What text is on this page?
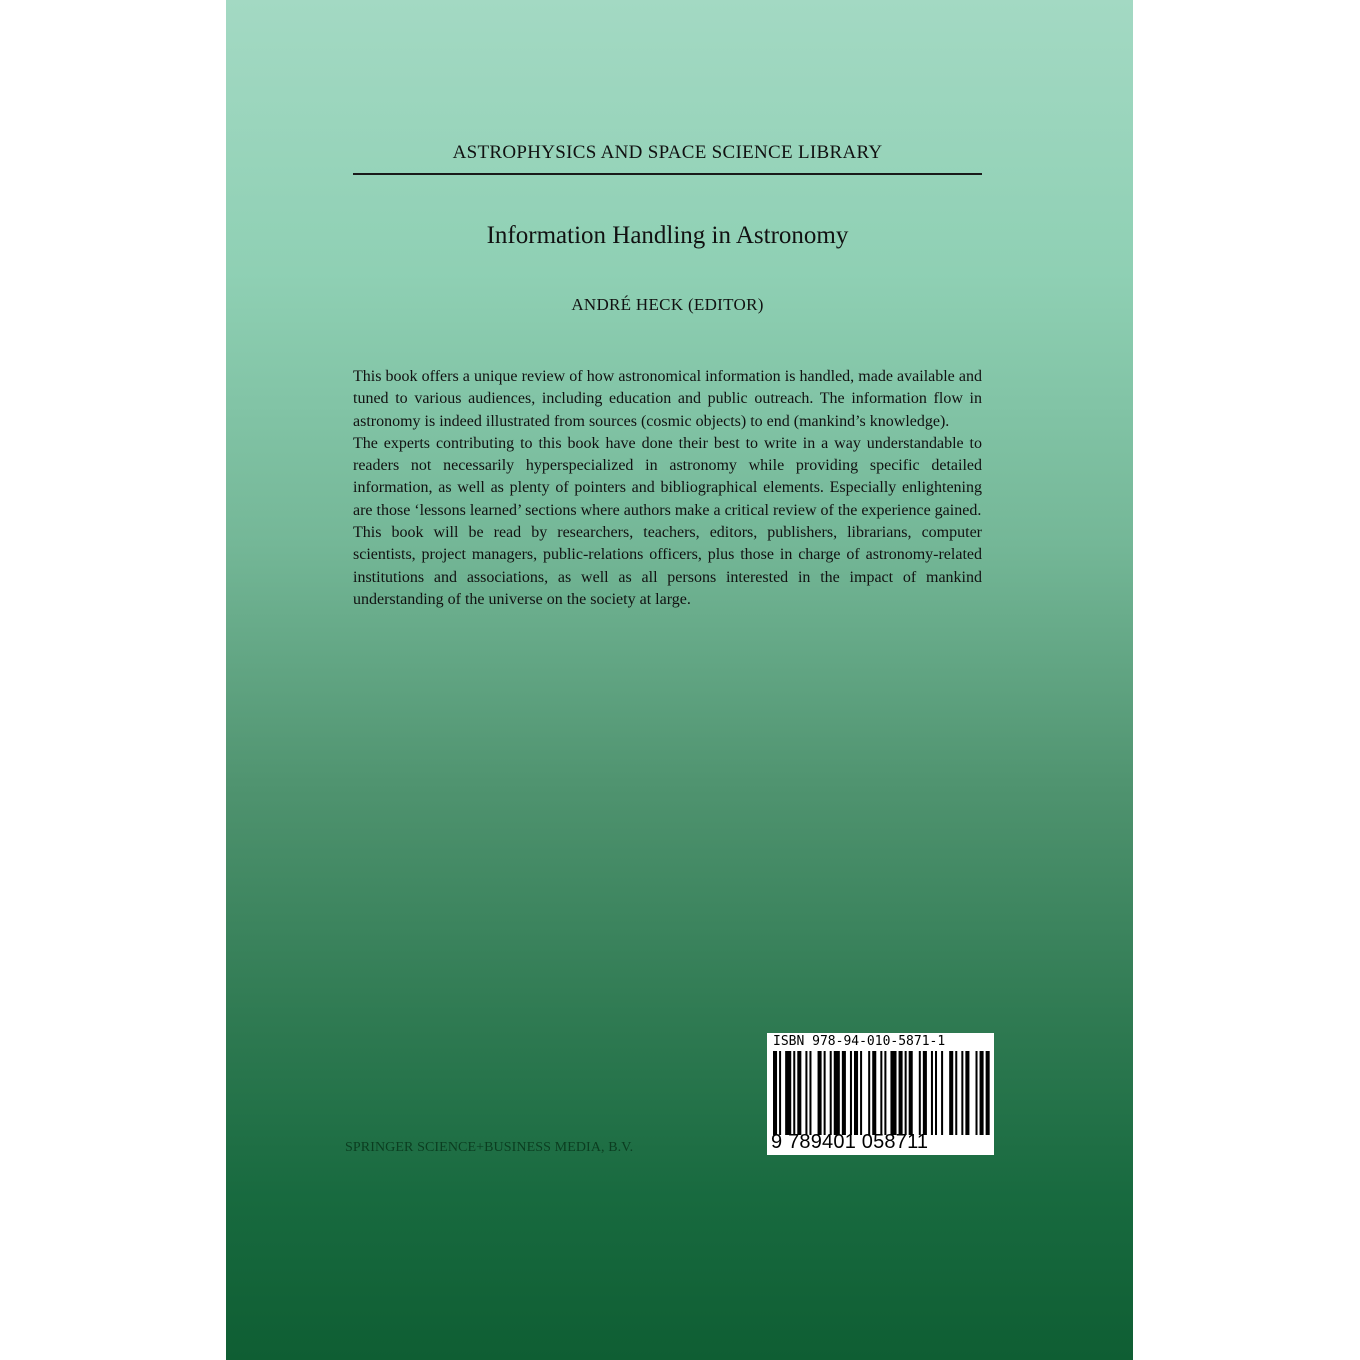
ASTROPHYSICS AND SPACE SCIENCE LIBRARY
Information Handling in Astronomy
ANDRÉ HECK (EDITOR)

This book offers a unique review of how astronomical information is handled, made available and tuned to various audiences, including education and public outreach. The information flow in astronomy is indeed illustrated from sources (cosmic objects) to end (mankind’s knowledge).

The experts contributing to this book have done their best to write in a way understandable to readers not necessarily hyperspecialized in astronomy while providing specific detailed information, as well as plenty of pointers and bibliographical elements. Especially enlightening are those ‘lessons learned’ sections where authors make a critical review of the experience gained.

This book will be read by researchers, teachers, editors, publishers, librarians, computer scientists, project managers, public-relations officers, plus those in charge of astronomy-related institutions and associations, as well as all persons interested in the impact of mankind understanding of the universe on the society at large.

SPRINGER SCIENCE+BUSINESS MEDIA, B.V.
ISBN 978-94-010-5871-1
9 789401 058711
